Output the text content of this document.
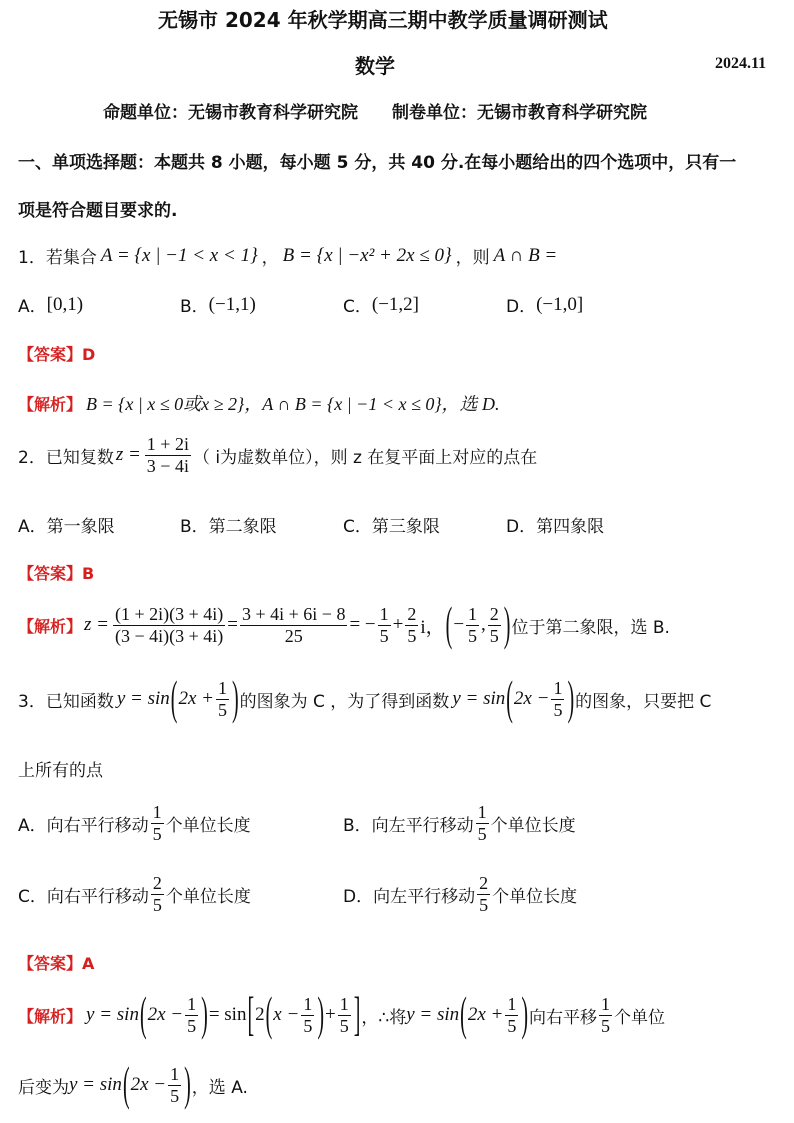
无锡市 2024 年秋学期高三期中教学质量调研测试
数学	2024.11
命题单位：无锡市教育科学研究院　　制卷单位：无锡市教育科学研究院
一、单项选择题：本题共 8 小题，每小题 5 分，共 40 分.在每小题给出的四个选项中，只有一
项是符合题目要求的.
1．若集合 A = {x | −1 < x < 1} ， B = {x | −x² + 2x ≤ 0} ，则 A ∩ B =
A． [0,1)	B． (−1,1)	C． (−1,2]	D． (−1,0]
【答案】D
【解析】 B = {x | x ≤ 0或x ≥ 2}，A ∩ B = {x | −1 < x ≤ 0}，选 D.
2．已知复数 $z = \frac{1 + 2i}{3 - 4i}$ （ i为虚数单位），则 z 在复平面上对应的点在
A．第一象限	B．第二象限	C．第三象限	D．第四象限
【答案】B
【解析】 $z = \frac{(1 + 2i)(3 + 4i)}{(3 - 4i)(3 + 4i)} = \frac{3 + 4i + 6i - 8}{25}$ = − $\frac{1}{5} + \frac{2}{5}$ i， ( − $\frac{1}{5}$ , $\frac{2}{5}$ ) 位于第二象限，选 B.
3．已知函数 y = sin ( $2x + \frac{1}{5}$ ) 的图象为 C ，为了得到函数 y = sin ( $2x - \frac{1}{5}$ ) 的图象，只要把 C
上所有的点
A． 向右平行移动 $\frac{1}{5}$ 个单位长度	B． 向左平行移动 $\frac{1}{5}$ 个单位长度
C． 向右平行移动 $\frac{2}{5}$ 个单位长度	D． 向左平行移动 $\frac{2}{5}$ 个单位长度
【答案】A
【解析】 y = sin ( $2x - \frac{1}{5}$ ) = sin [ 2 ( $x - \frac{1}{5}$ ) + $\frac{1}{5}$ ] ，∴将 y = sin ( $2x + \frac{1}{5}$ ) 向右平移 $\frac{1}{5}$ 个单位
后变为 y = sin ( $2x - \frac{1}{5}$ ) ，选 A.
